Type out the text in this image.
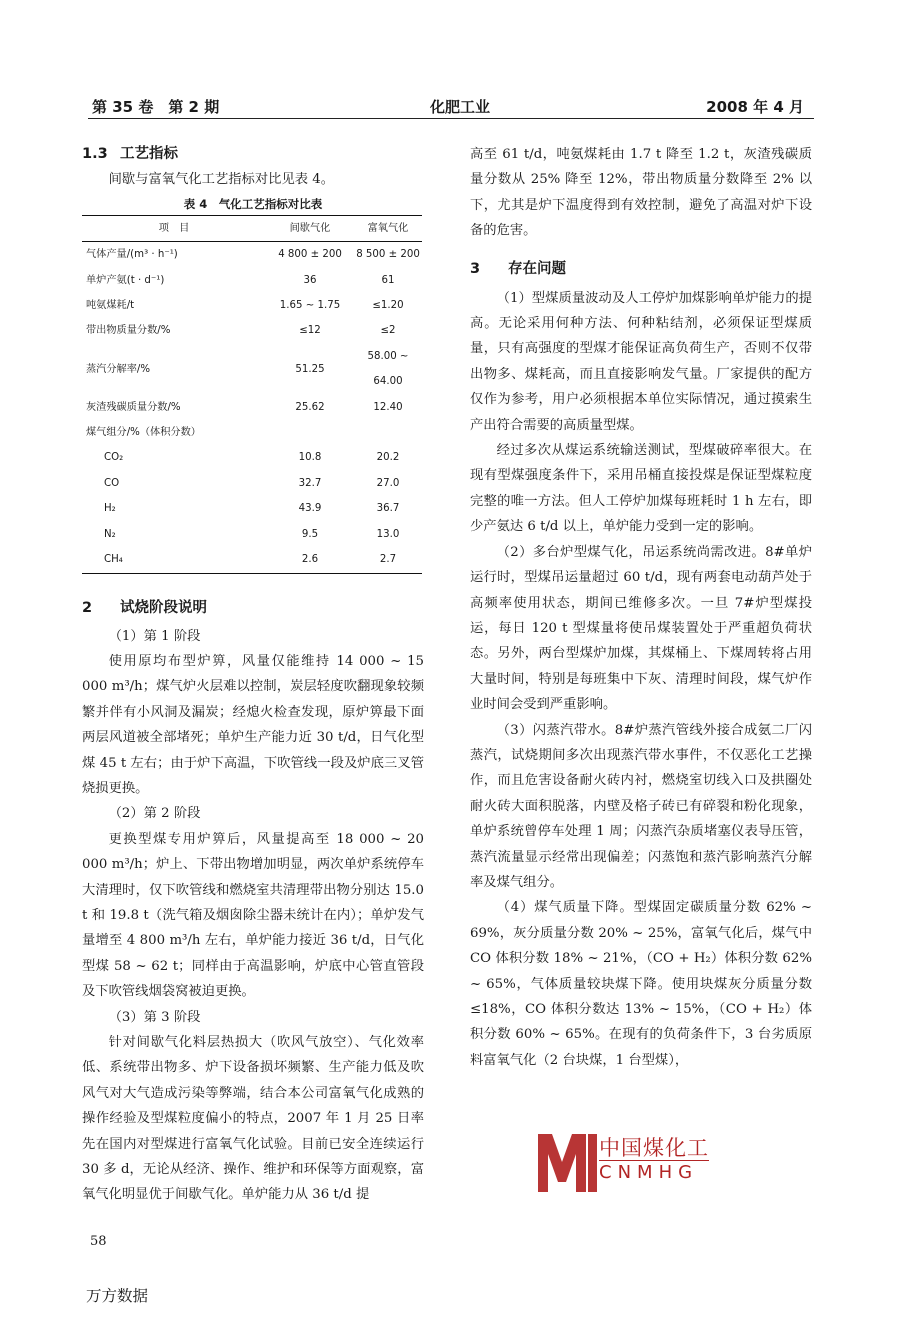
第 35 卷　第 2 期	化肥工业	2008 年 4 月
1.3 工艺指标

间歇与富氧气化工艺指标对比见表 4。

表 4　气化工艺指标对比表
项　目	间歇气化	富氧气化
气体产量/(m³ · h⁻¹)	4 800 ± 200	8 500 ± 200
单炉产氨(t · d⁻¹)	36	61
吨氨煤耗/t	1.65 ~ 1.75	≤1.20
带出物质量分数/%	≤12	≤2
蒸汽分解率/%	51.25	58.00 ~ 64.00
灰渣残碳质量分数/%	25.62	12.40
煤气组分/%（体积分数）		
CO₂	10.8	20.2
CO	32.7	27.0
H₂	43.9	36.7
N₂	9.5	13.0
CH₄	2.6	2.7
2 试烧阶段说明

（1）第 1 阶段

使用原均布型炉箅，风量仅能维持 14 000 ~ 15 000 m³/h；煤气炉火层难以控制，炭层轻度吹翻现象较频繁并伴有小风洞及漏炭；经熄火检查发现，原炉箅最下面两层风道被全部堵死；单炉生产能力近 30 t/d，日气化型煤 45 t 左右；由于炉下高温，下吹管线一段及炉底三叉管烧损更换。

（2）第 2 阶段

更换型煤专用炉箅后，风量提高至 18 000 ~ 20 000 m³/h；炉上、下带出物增加明显，两次单炉系统停车大清理时，仅下吹管线和燃烧室共清理带出物分别达 15.0 t 和 19.8 t（洗气箱及烟囱除尘器未统计在内）；单炉发气量增至 4 800 m³/h 左右，单炉能力接近 36 t/d，日气化型煤 58 ~ 62 t；同样由于高温影响，炉底中心管直管段及下吹管线烟袋窝被迫更换。

（3）第 3 阶段

针对间歇气化料层热损大（吹风气放空）、气化效率低、系统带出物多、炉下设备损坏频繁、生产能力低及吹风气对大气造成污染等弊端，结合本公司富氧气化成熟的操作经验及型煤粒度偏小的特点，2007 年 1 月 25 日率先在国内对型煤进行富氧气化试验。目前已安全连续运行 30 多 d，无论从经济、操作、维护和环保等方面观察，富氧气化明显优于间歇气化。单炉能力从 36 t/d 提

高至 61 t/d，吨氨煤耗由 1.7 t 降至 1.2 t，灰渣残碳质量分数从 25% 降至 12%，带出物质量分数降至 2% 以下，尤其是炉下温度得到有效控制，避免了高温对炉下设备的危害。

3 存在问题

（1）型煤质量波动及人工停炉加煤影响单炉能力的提高。无论采用何种方法、何种粘结剂，必须保证型煤质量，只有高强度的型煤才能保证高负荷生产，否则不仅带出物多、煤耗高，而且直接影响发气量。厂家提供的配方仅作为参考，用户必须根据本单位实际情况，通过摸索生产出符合需要的高质量型煤。

经过多次从煤运系统输送测试，型煤破碎率很大。在现有型煤强度条件下，采用吊桶直接投煤是保证型煤粒度完整的唯一方法。但人工停炉加煤每班耗时 1 h 左右，即少产氨达 6 t/d 以上，单炉能力受到一定的影响。

（2）多台炉型煤气化，吊运系统尚需改进。8#单炉运行时，型煤吊运量超过 60 t/d，现有两套电动葫芦处于高频率使用状态，期间已维修多次。一旦 7#炉型煤投运，每日 120 t 型煤量将使吊煤装置处于严重超负荷状态。另外，两台型煤炉加煤，其煤桶上、下煤周转将占用大量时间，特别是每班集中下灰、清理时间段，煤气炉作业时间会受到严重影响。

（3）闪蒸汽带水。8#炉蒸汽管线外接合成氨二厂闪蒸汽，试烧期间多次出现蒸汽带水事件，不仅恶化工艺操作，而且危害设备耐火砖内衬，燃烧室切线入口及拱圈处耐火砖大面积脱落，内壁及格子砖已有碎裂和粉化现象，单炉系统曾停车处理 1 周；闪蒸汽杂质堵塞仪表导压管，蒸汽流量显示经常出现偏差；闪蒸饱和蒸汽影响蒸汽分解率及煤气组分。

（4）煤气质量下降。型煤固定碳质量分数 62% ~ 69%，灰分质量分数 20% ~ 25%，富氧气化后，煤气中 CO 体积分数 18% ~ 21%，（CO + H₂）体积分数 62% ~ 65%，气体质量较块煤下降。使用块煤灰分质量分数 ≤18%，CO 体积分数达 13% ~ 15%，（CO + H₂）体积分数 60% ~ 65%。在现有的负荷条件下，3 台劣质原料富氧气化（2 台块煤，1 台型煤），

中国煤化工
CNMHG
58
万方数据
